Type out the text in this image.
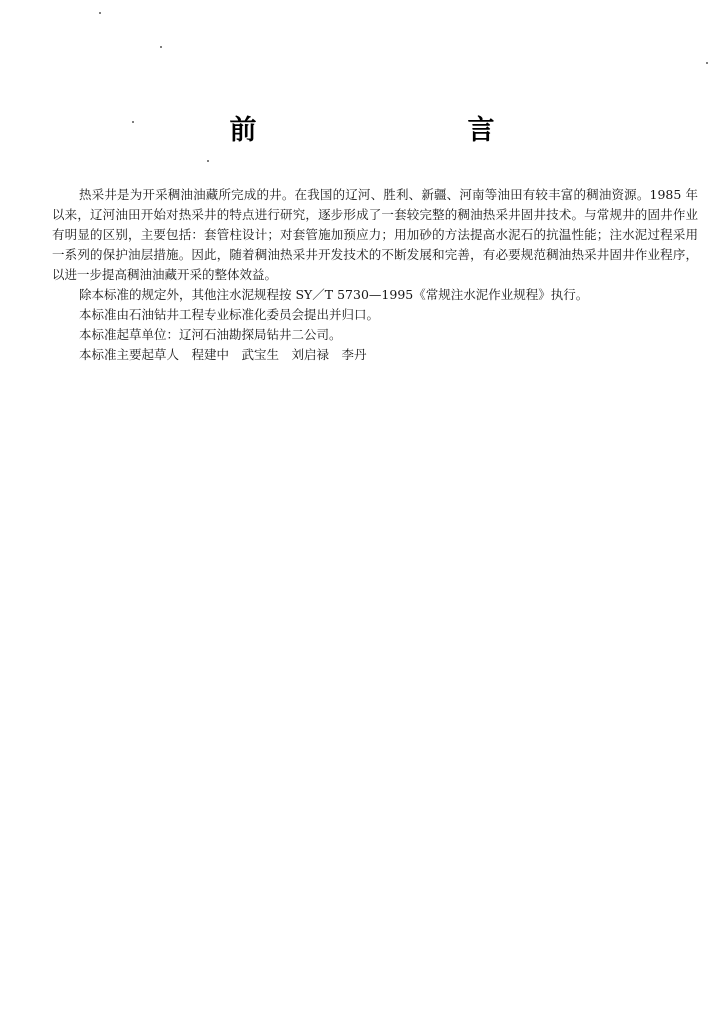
前　言

热采井是为开采稠油油藏所完成的井。在我国的辽河、胜利、新疆、河南等油田有较丰富的稠油资源。1985 年以来，辽河油田开始对热采井的特点进行研究，逐步形成了一套较完整的稠油热采井固井技术。与常规井的固井作业有明显的区别，主要包括：套管柱设计；对套管施加预应力；用加砂的方法提高水泥石的抗温性能；注水泥过程采用一系列的保护油层措施。因此，随着稠油热采井开发技术的不断发展和完善，有必要规范稠油热采井固井作业程序，以进一步提高稠油油藏开采的整体效益。

除本标准的规定外，其他注水泥规程按 SY／T 5730—1995《常规注水泥作业规程》执行。

本标准由石油钻井工程专业标准化委员会提出并归口。

本标准起草单位：辽河石油勘探局钻井二公司。

本标准主要起草人　程建中　武宝生　刘启禄　李丹
